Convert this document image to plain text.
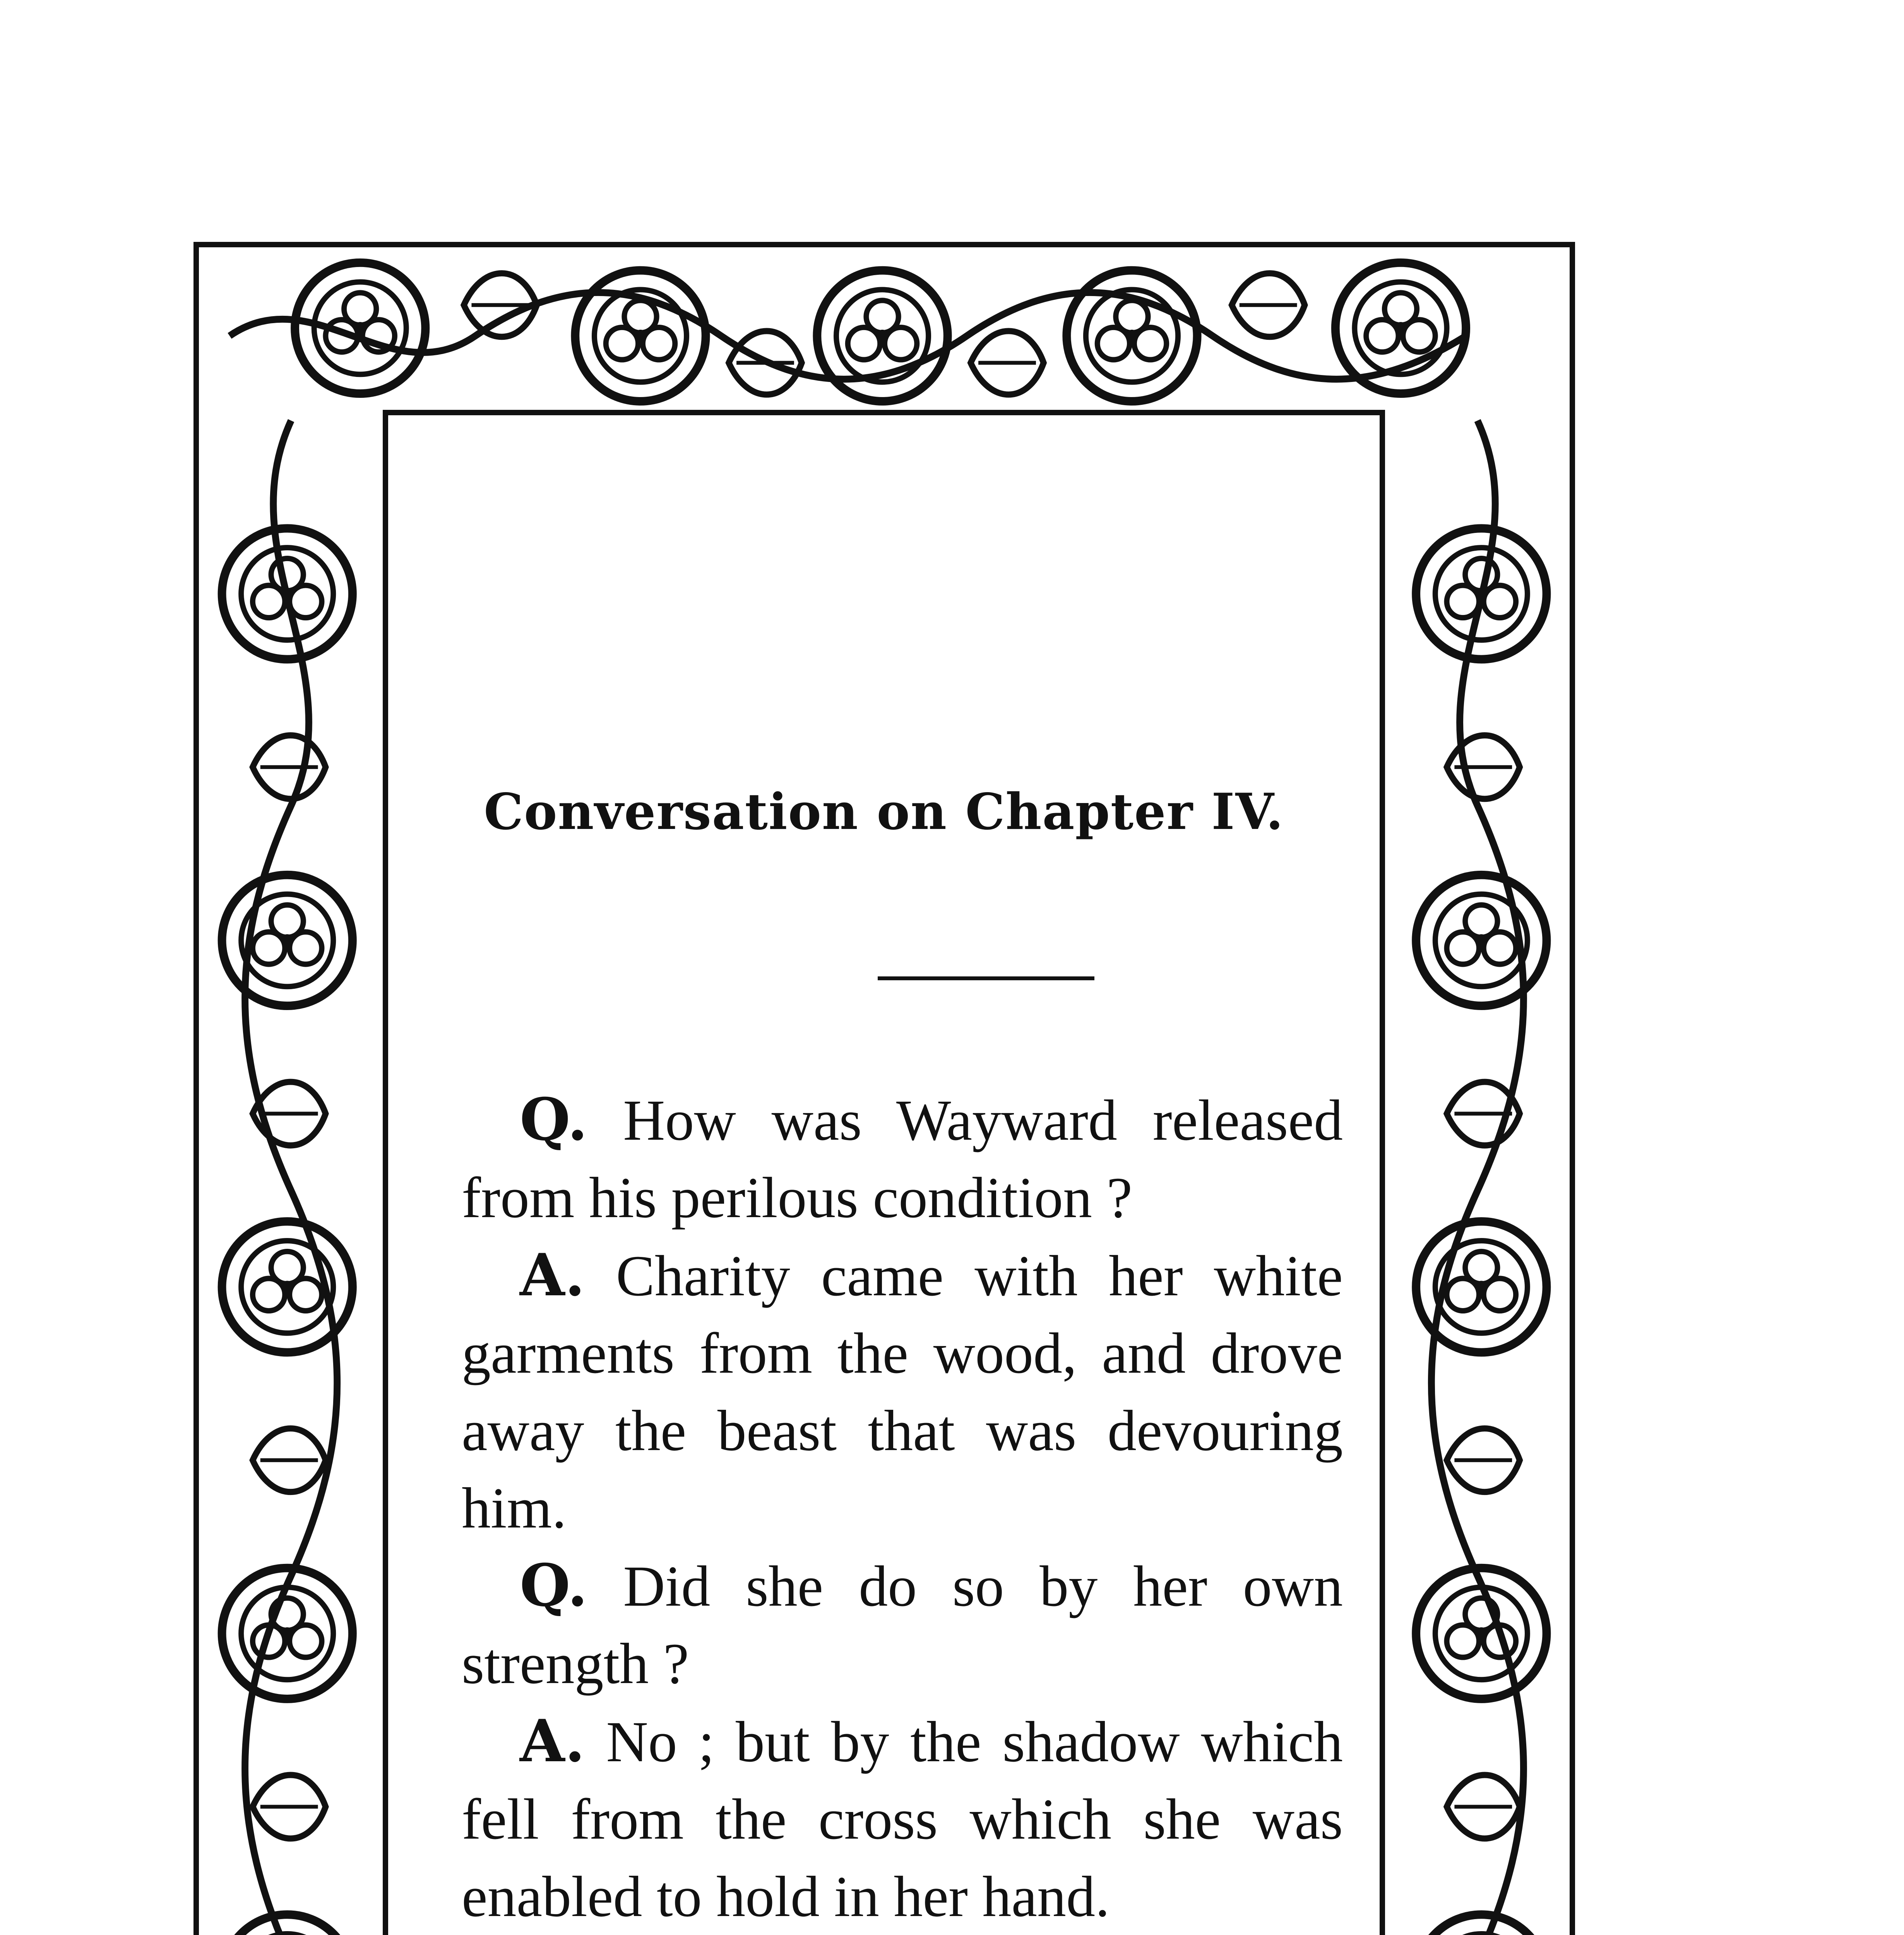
Conversation on Chapter IV.

Q. How was Wayward released from his perilous condition ?

A. Charity came with her white garments from the wood, and drove away the beast that was devouring him.

Q. Did she do so by her own strength ?

A. No ; but by the shadow which fell from the cross which she was enabled to hold in her hand.
